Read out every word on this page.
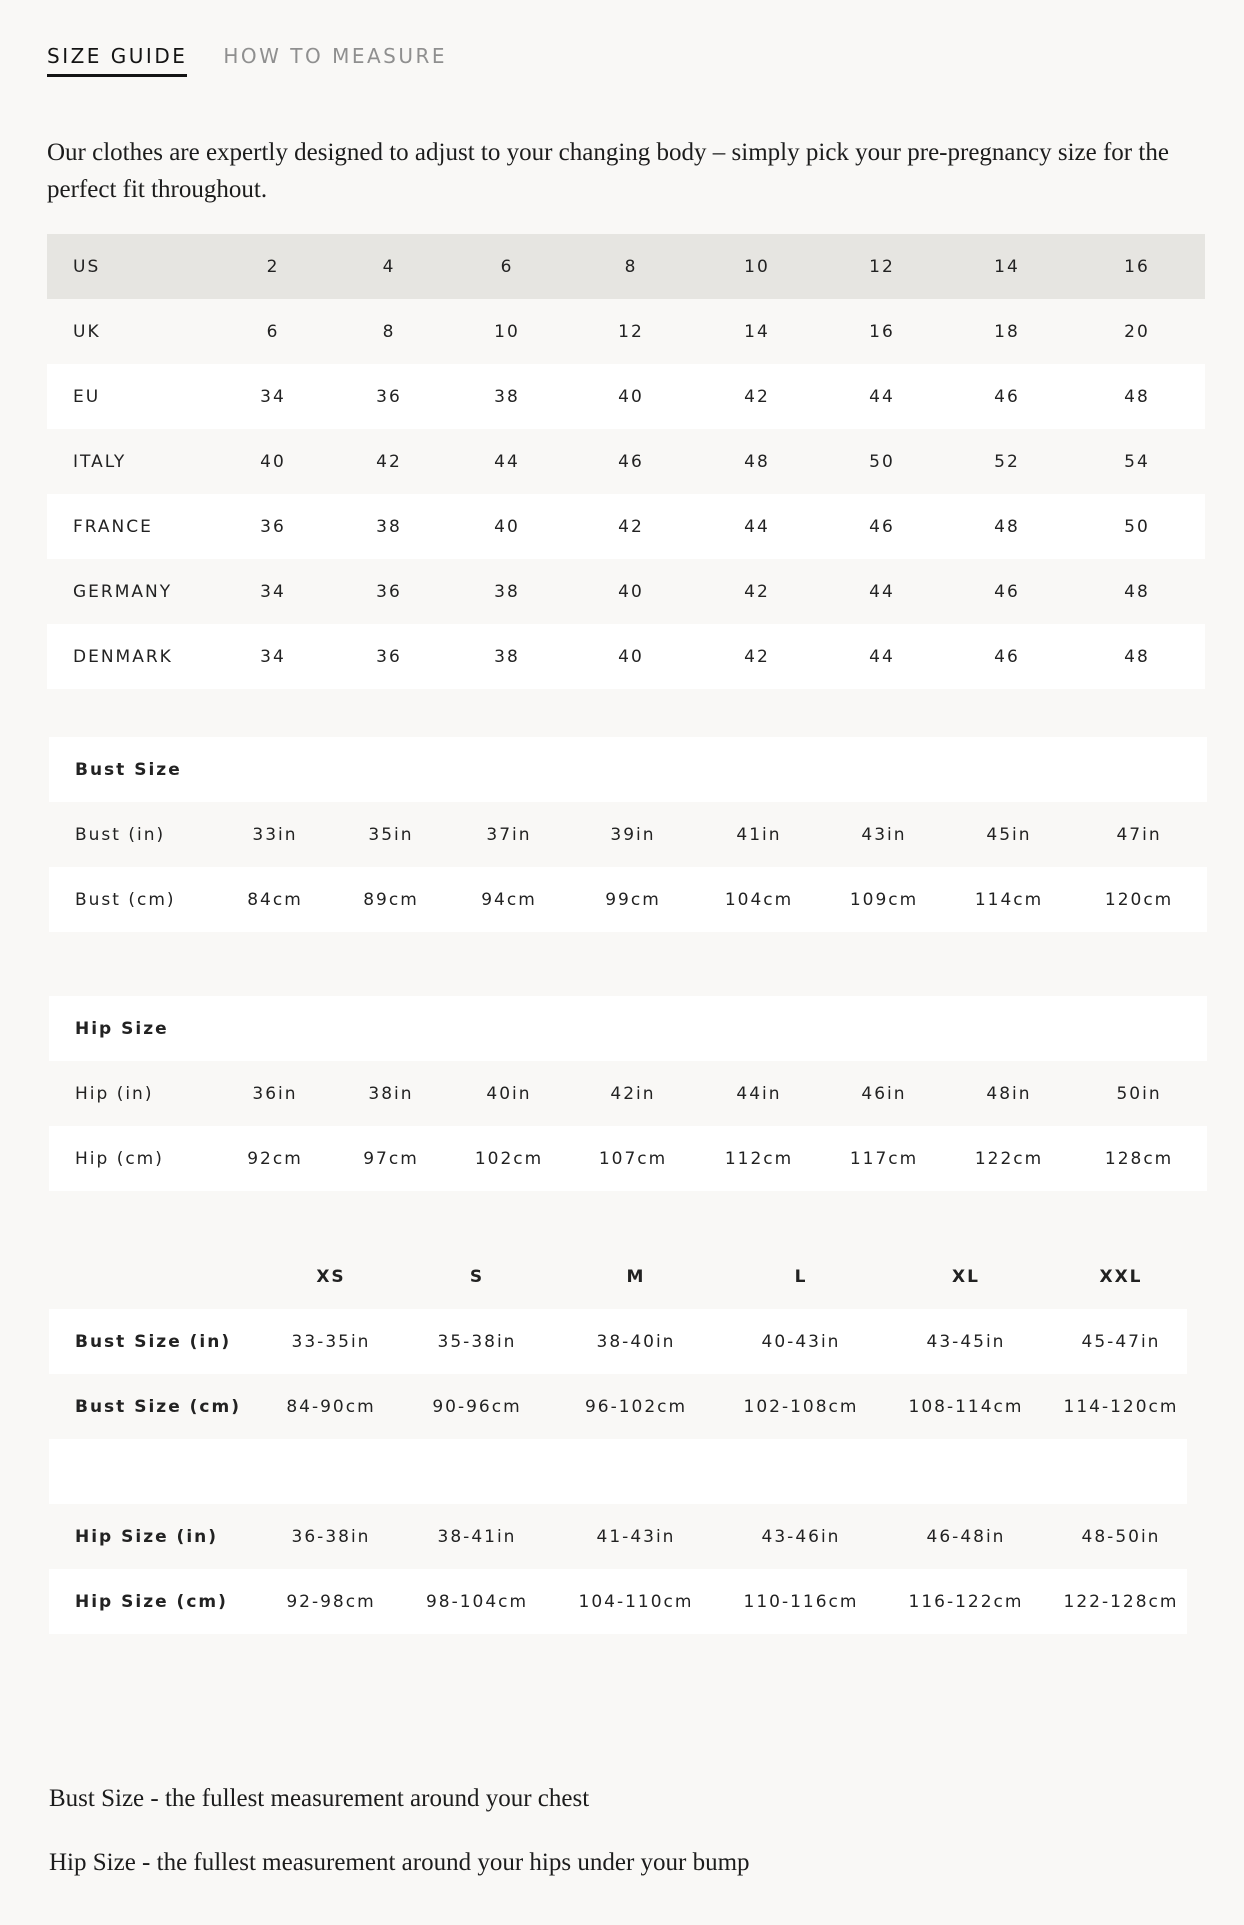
SIZE GUIDE HOW TO MEASURE

Our clothes are expertly designed to adjust to your changing body – simply pick your pre-pregnancy size for the perfect fit throughout.

US	2	4	6	8	10	12	14	16
UK	6	8	10	12	14	16	18	20
EU	34	36	38	40	42	44	46	48
ITALY	40	42	44	46	48	50	52	54
FRANCE	36	38	40	42	44	46	48	50
GERMANY	34	36	38	40	42	44	46	48
DENMARK	34	36	38	40	42	44	46	48
Bust Size								
Bust (in)	33in	35in	37in	39in	41in	43in	45in	47in
Bust (cm)	84cm	89cm	94cm	99cm	104cm	109cm	114cm	120cm
Hip Size								
Hip (in)	36in	38in	40in	42in	44in	46in	48in	50in
Hip (cm)	92cm	97cm	102cm	107cm	112cm	117cm	122cm	128cm
	XS	S	M	L	XL	XXL
Bust Size (in)	33-35in	35-38in	38-40in	40-43in	43-45in	45-47in
Bust Size (cm)	84-90cm	90-96cm	96-102cm	102-108cm	108-114cm	114-120cm

Hip Size (in)	36-38in	38-41in	41-43in	43-46in	46-48in	48-50in
Hip Size (cm)	92-98cm	98-104cm	104-110cm	110-116cm	116-122cm	122-128cm

Bust Size - the fullest measurement around your chest

Hip Size - the fullest measurement around your hips under your bump
